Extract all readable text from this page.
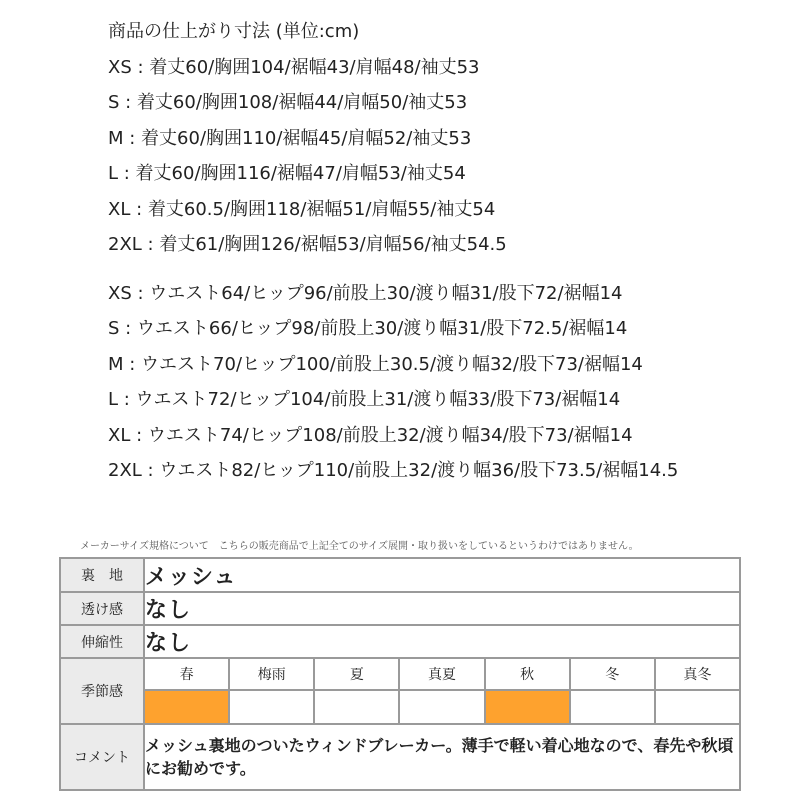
商品の仕上がり寸法 (単位:cm)
XS : 着丈60/胸囲104/裾幅43/肩幅48/袖丈53
S : 着丈60/胸囲108/裾幅44/肩幅50/袖丈53
M : 着丈60/胸囲110/裾幅45/肩幅52/袖丈53
L : 着丈60/胸囲116/裾幅47/肩幅53/袖丈54
XL : 着丈60.5/胸囲118/裾幅51/肩幅55/袖丈54
2XL : 着丈61/胸囲126/裾幅53/肩幅56/袖丈54.5
XS : ウエスト64/ヒップ96/前股上30/渡り幅31/股下72/裾幅14
S : ウエスト66/ヒップ98/前股上30/渡り幅31/股下72.5/裾幅14
M : ウエスト70/ヒップ100/前股上30.5/渡り幅32/股下73/裾幅14
L : ウエスト72/ヒップ104/前股上31/渡り幅33/股下73/裾幅14
XL : ウエスト74/ヒップ108/前股上32/渡り幅34/股下73/裾幅14
2XL : ウエスト82/ヒップ110/前股上32/渡り幅36/股下73.5/裾幅14.5
メーカーサイズ規格について　こちらの販売商品で上記全てのサイズ展開・取り扱いをしているというわけではありません。
裏　地	メッシュ						
透け感	なし						
伸縮性	なし						
季節感	春	梅雨	夏	真夏	秋	冬	真冬

コメント	メッシュ裏地のついたウィンドブレーカー。薄手で軽い着心地なので、春先や秋頃にお勧めです。						
